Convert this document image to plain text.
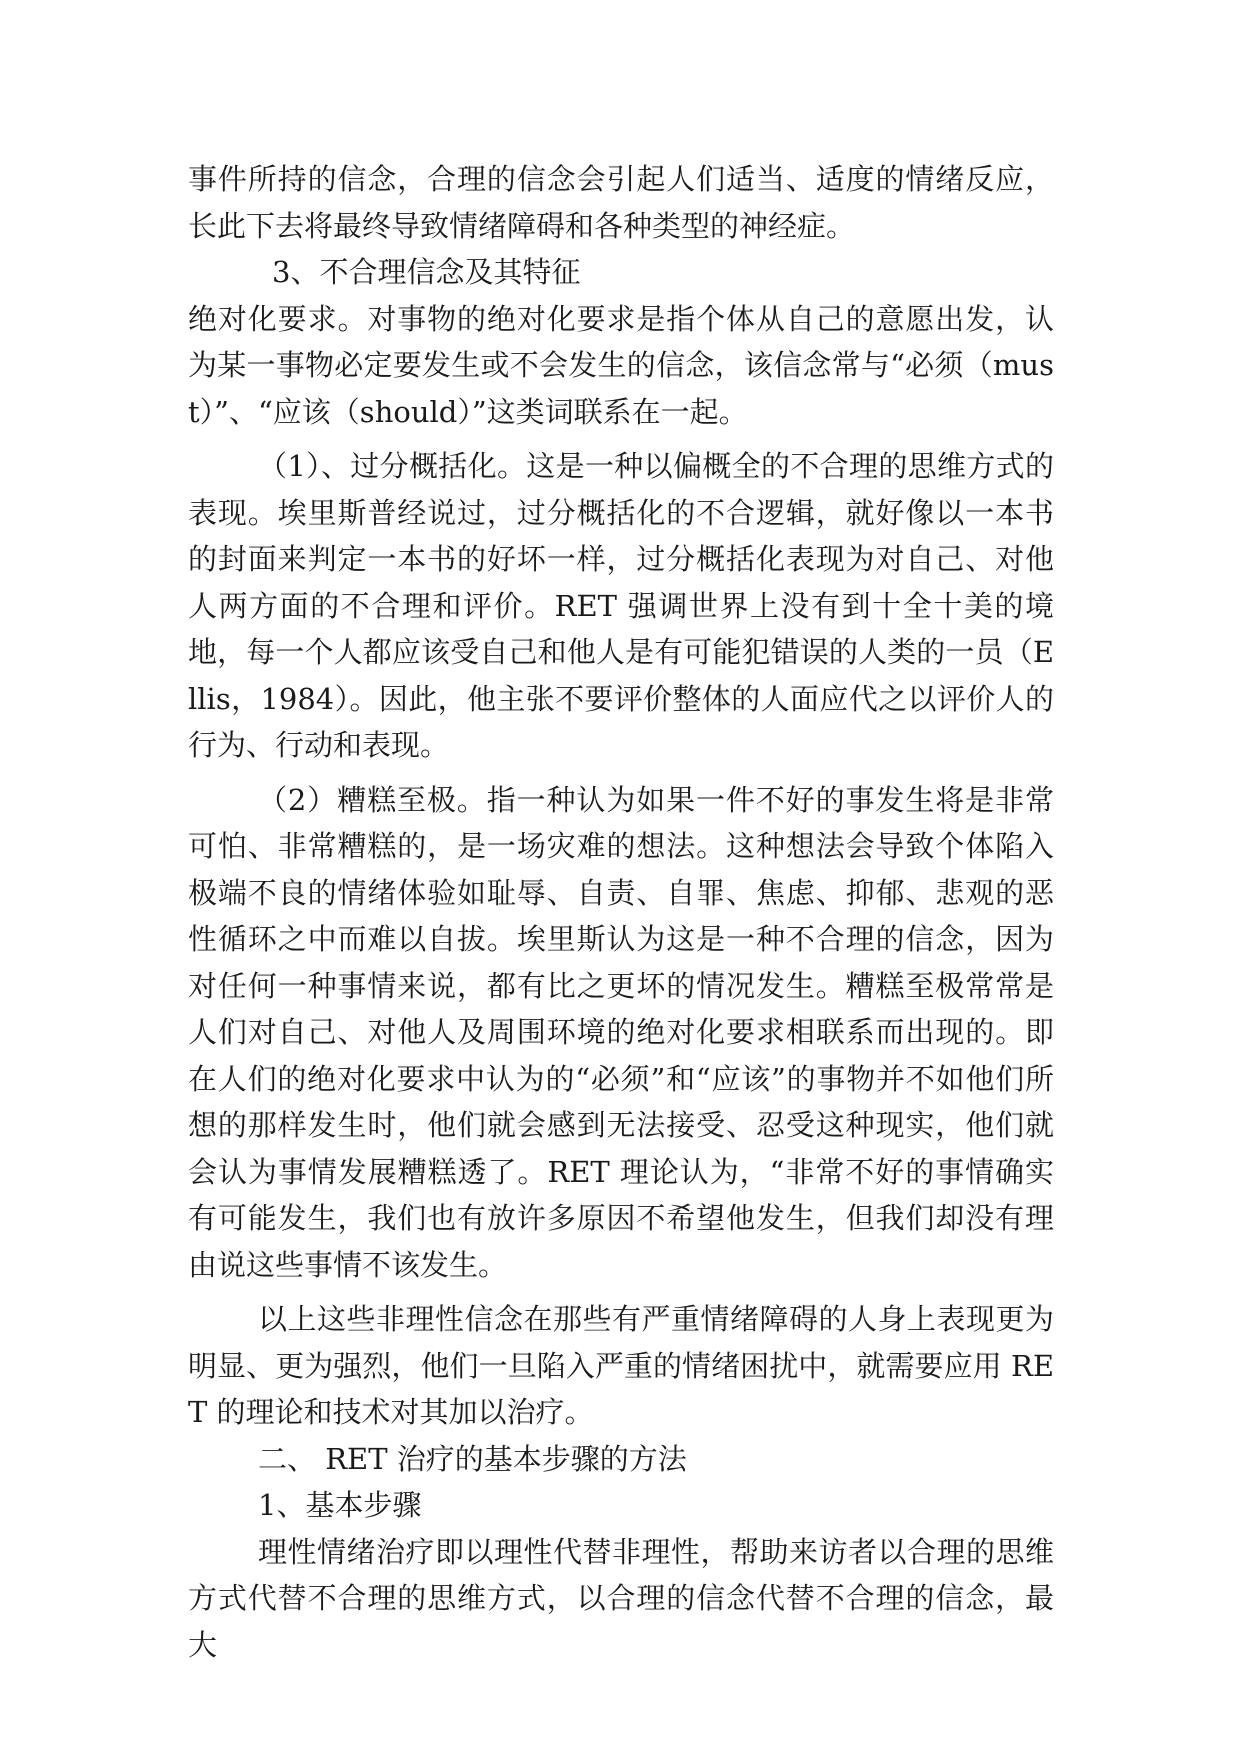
事件所持的信念，合理的信念会引起人们适当、适度的情绪反应，长此下去将最终导致情绪障碍和各种类型的神经症。

3、不合理信念及其特征

绝对化要求。对事物的绝对化要求是指个体从自己的意愿出发，认为某一事物必定要发生或不会发生的信念，该信念常与“必须（must）”、“应该（should）”这类词联系在一起。

（1）、过分概括化。这是一种以偏概全的不合理的思维方式的表现。埃里斯普经说过，过分概括化的不合逻辑，就好像以一本书的封面来判定一本书的好坏一样，过分概括化表现为对自己、对他人两方面的不合理和评价。RET 强调世界上没有到十全十美的境地，每一个人都应该受自己和他人是有可能犯错误的人类的一员（Ellis，1984）。因此，他主张不要评价整体的人面应代之以评价人的行为、行动和表现。

（2）糟糕至极。指一种认为如果一件不好的事发生将是非常可怕、非常糟糕的，是一场灾难的想法。这种想法会导致个体陷入极端不良的情绪体验如耻辱、自责、自罪、焦虑、抑郁、悲观的恶性循环之中而难以自拔。埃里斯认为这是一种不合理的信念，因为对任何一种事情来说，都有比之更坏的情况发生。糟糕至极常常是人们对自己、对他人及周围环境的绝对化要求相联系而出现的。即在人们的绝对化要求中认为的“必须”和“应该”的事物并不如他们所想的那样发生时，他们就会感到无法接受、忍受这种现实，他们就会认为事情发展糟糕透了。RET 理论认为，“非常不好的事情确实有可能发生，我们也有放许多原因不希望他发生，但我们却没有理由说这些事情不该发生。

以上这些非理性信念在那些有严重情绪障碍的人身上表现更为明显、更为强烈，他们一旦陷入严重的情绪困扰中，就需要应用 RET 的理论和技术对其加以治疗。

二、 RET 治疗的基本步骤的方法

1、基本步骤

理性情绪治疗即以理性代替非理性，帮助来访者以合理的思维方式代替不合理的思维方式，以合理的信念代替不合理的信念，最大
